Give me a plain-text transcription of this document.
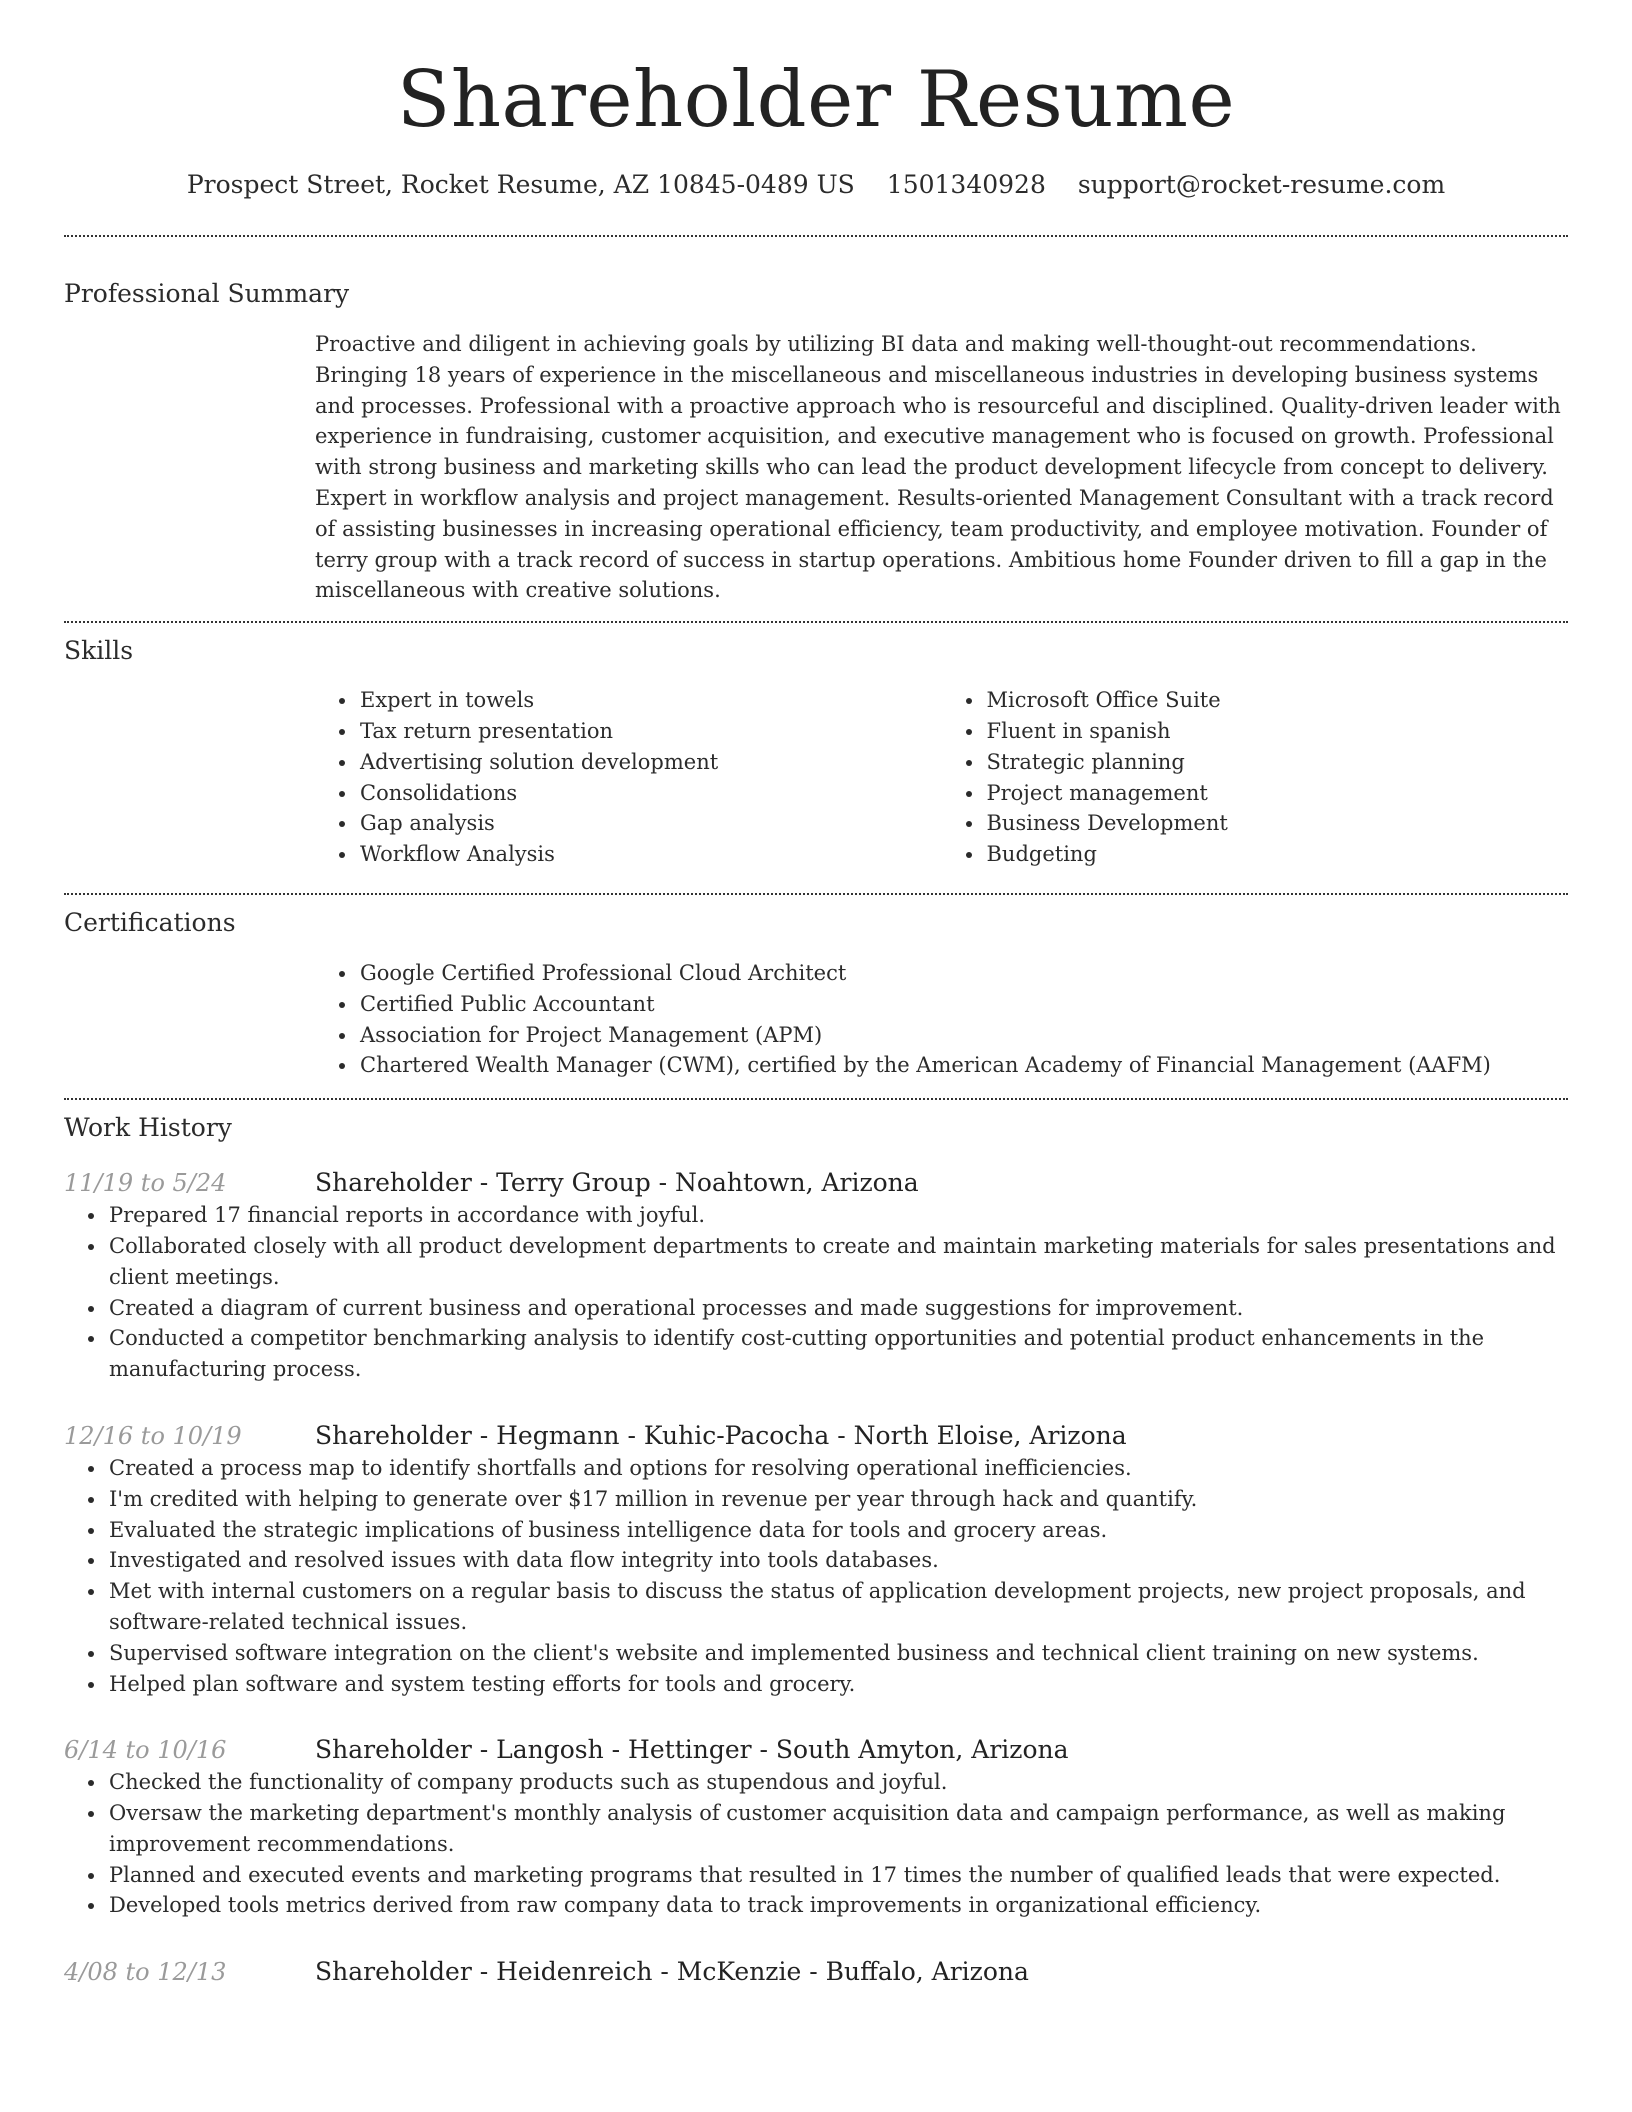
Shareholder Resume
Prospect Street, Rocket Resume, AZ 10845-0489 US 1501340928 support@rocket-resume.com
Professional Summary

Proactive and diligent in achieving goals by utilizing BI data and making well-thought-out recommendations. Bringing 18 years of experience in the miscellaneous and miscellaneous industries in developing business systems and processes. Professional with a proactive approach who is resourceful and disciplined. Quality-driven leader with experience in fundraising, customer acquisition, and executive management who is focused on growth. Professional with strong business and marketing skills who can lead the product development lifecycle from concept to delivery. Expert in workflow analysis and project management. Results-oriented Management Consultant with a track record of assisting businesses in increasing operational efficiency, team productivity, and employee motivation. Founder of terry group with a track record of success in startup operations. Ambitious home Founder driven to fill a gap in the miscellaneous with creative solutions.

Skills
• Expert in towels
• Tax return presentation
• Advertising solution development
• Consolidations
• Gap analysis
• Workflow Analysis
• Microsoft Office Suite
• Fluent in spanish
• Strategic planning
• Project management
• Business Development
• Budgeting
Certifications
• Google Certified Professional Cloud Architect
• Certified Public Accountant
• Association for Project Management (APM)
• Chartered Wealth Manager (CWM), certified by the American Academy of Financial Management (AAFM)
Work History
11/19 to 5/24	Shareholder - Terry Group - Noahtown, Arizona
• Prepared 17 financial reports in accordance with joyful.
• Collaborated closely with all product development departments to create and maintain marketing materials for sales presentations and client meetings.
• Created a diagram of current business and operational processes and made suggestions for improvement.
• Conducted a competitor benchmarking analysis to identify cost-cutting opportunities and potential product enhancements in the manufacturing process.
12/16 to 10/19	Shareholder - Hegmann - Kuhic-Pacocha - North Eloise, Arizona
• Created a process map to identify shortfalls and options for resolving operational inefficiencies.
• I'm credited with helping to generate over $17 million in revenue per year through hack and quantify.
• Evaluated the strategic implications of business intelligence data for tools and grocery areas.
• Investigated and resolved issues with data flow integrity into tools databases.
• Met with internal customers on a regular basis to discuss the status of application development projects, new project proposals, and software-related technical issues.
• Supervised software integration on the client's website and implemented business and technical client training on new systems.
• Helped plan software and system testing efforts for tools and grocery.
6/14 to 10/16	Shareholder - Langosh - Hettinger - South Amyton, Arizona
• Checked the functionality of company products such as stupendous and joyful.
• Oversaw the marketing department's monthly analysis of customer acquisition data and campaign performance, as well as making improvement recommendations.
• Planned and executed events and marketing programs that resulted in 17 times the number of qualified leads that were expected.
• Developed tools metrics derived from raw company data to track improvements in organizational efficiency.
4/08 to 12/13	Shareholder - Heidenreich - McKenzie - Buffalo, Arizona
